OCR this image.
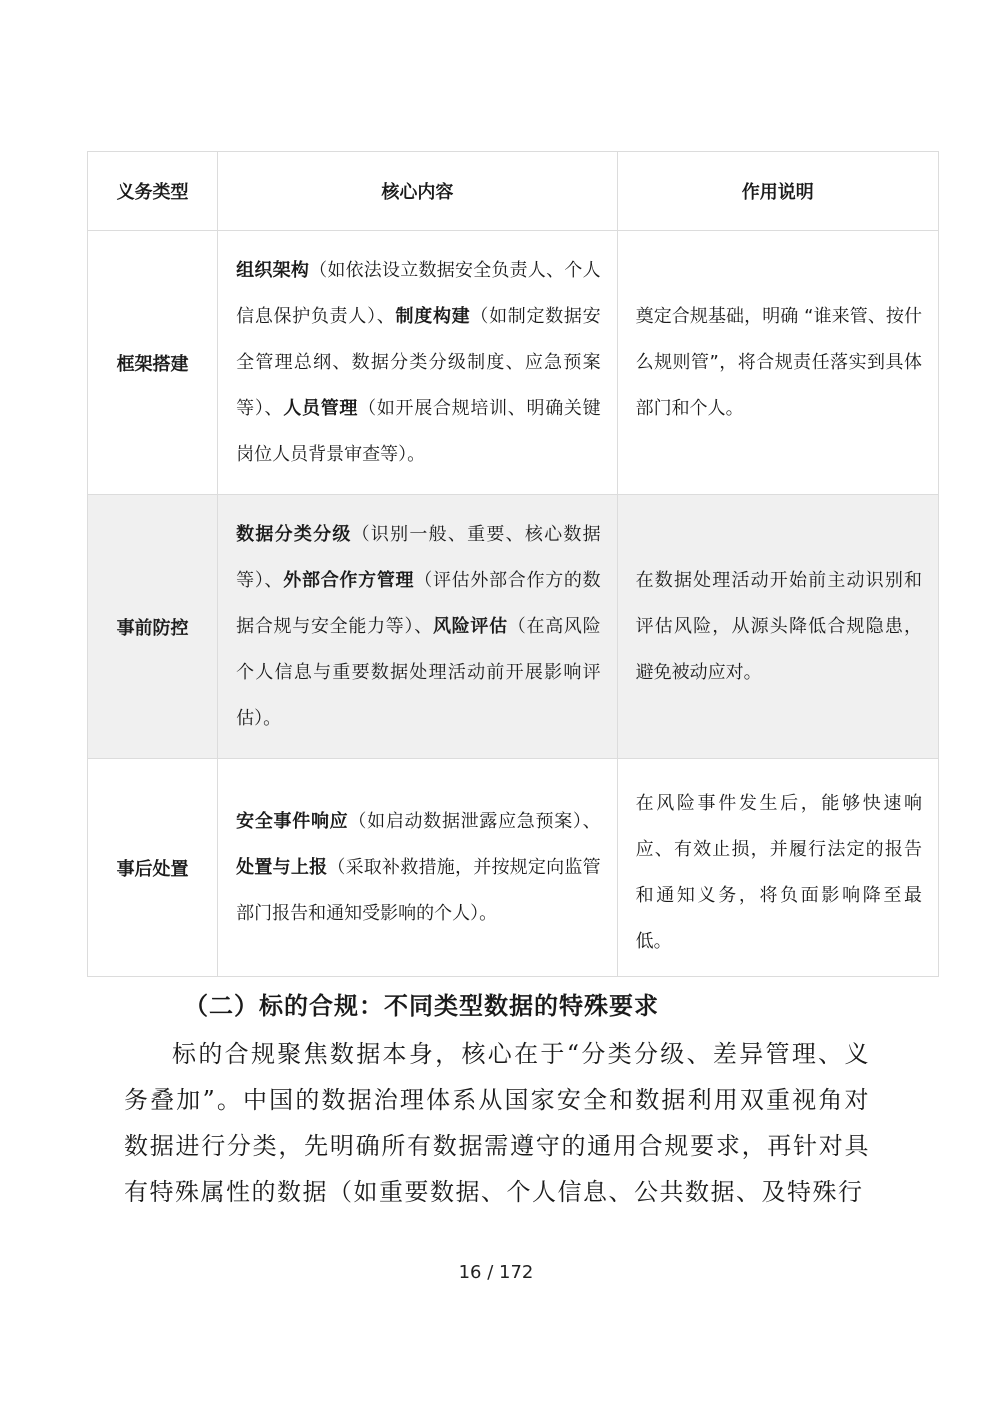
义务类型	核心内容	作用说明
框架搭建	组织架构（如依法设立数据安全负责人、个人信息保护负责人）、制度构建（如制定数据安全管理总纲、数据分类分级制度、应急预案等）、人员管理（如开展合规培训、明确关键岗位人员背景审查等）。	奠定合规基础，明确 “谁来管、按什么规则管”，将合规责任落实到具体部门和个人。
事前防控	数据分类分级（识别一般、重要、核心数据等）、外部合作方管理（评估外部合作方的数据合规与安全能力等）、风险评估（在高风险个人信息与重要数据处理活动前开展影响评估）。	在数据处理活动开始前主动识别和评估风险，从源头降低合规隐患，避免被动应对。
事后处置	安全事件响应（如启动数据泄露应急预案）、处置与上报（采取补救措施，并按规定向监管部门报告和通知受影响的个人）。	在风险事件发生后，能够快速响应、有效止损，并履行法定的报告和通知义务，将负面影响降至最低。
（二）标的合规：不同类型数据的特殊要求

标的合规聚焦数据本身，核心在于“分类分级、差异管理、义务叠加”。中国的数据治理体系从国家安全和数据利用双重视角对数据进行分类，先明确所有数据需遵守的通用合规要求，再针对具有特殊属性的数据（如重要数据、个人信息、公共数据、及特殊行

16 / 172
